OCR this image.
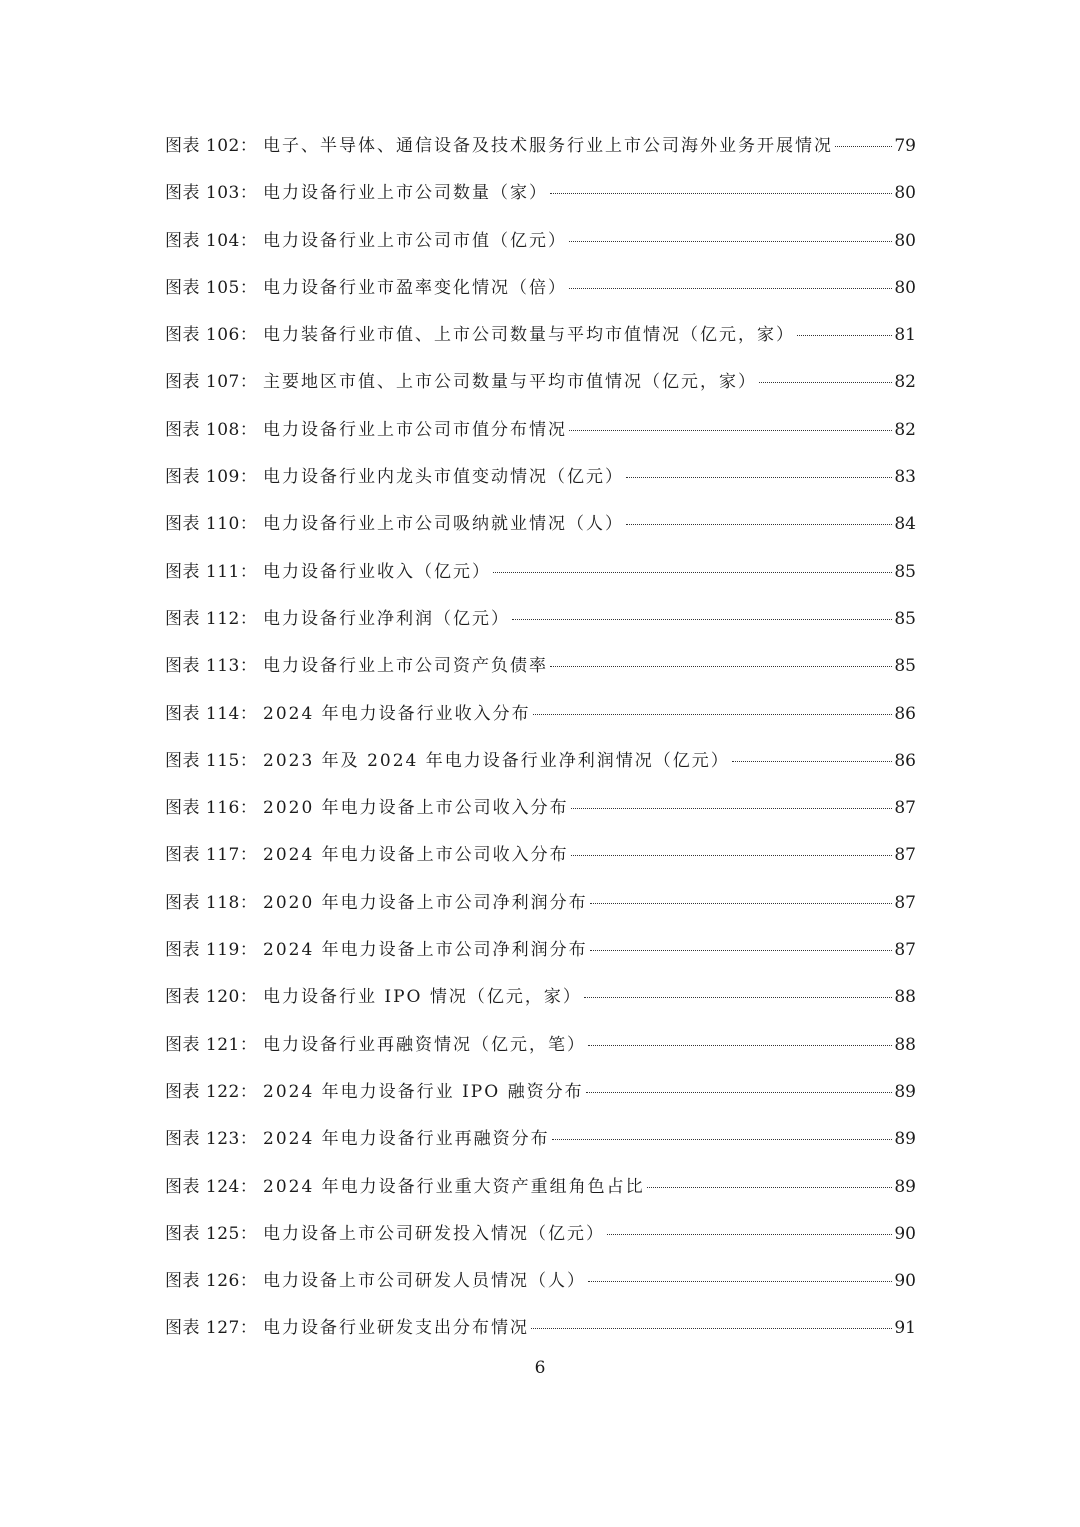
图表 102： 电子、半导体、通信设备及技术服务行业上市公司海外业务开展情况	79
图表 103： 电力设备行业上市公司数量（家）	80
图表 104： 电力设备行业上市公司市值（亿元）	80
图表 105： 电力设备行业市盈率变化情况（倍）	80
图表 106： 电力装备行业市值、上市公司数量与平均市值情况（亿元，家）	81
图表 107： 主要地区市值、上市公司数量与平均市值情况（亿元，家）	82
图表 108： 电力设备行业上市公司市值分布情况	82
图表 109： 电力设备行业内龙头市值变动情况（亿元）	83
图表 110： 电力设备行业上市公司吸纳就业情况（人）	84
图表 111： 电力设备行业收入（亿元）	85
图表 112： 电力设备行业净利润（亿元）	85
图表 113： 电力设备行业上市公司资产负债率	85
图表 114： 2024 年电力设备行业收入分布	86
图表 115： 2023 年及 2024 年电力设备行业净利润情况（亿元）	86
图表 116： 2020 年电力设备上市公司收入分布	87
图表 117： 2024 年电力设备上市公司收入分布	87
图表 118： 2020 年电力设备上市公司净利润分布	87
图表 119： 2024 年电力设备上市公司净利润分布	87
图表 120： 电力设备行业 IPO 情况（亿元，家）	88
图表 121： 电力设备行业再融资情况（亿元，笔）	88
图表 122： 2024 年电力设备行业 IPO 融资分布	89
图表 123： 2024 年电力设备行业再融资分布	89
图表 124： 2024 年电力设备行业重大资产重组角色占比	89
图表 125： 电力设备上市公司研发投入情况（亿元）	90
图表 126： 电力设备上市公司研发人员情况（人）	90
图表 127： 电力设备行业研发支出分布情况	91
6
